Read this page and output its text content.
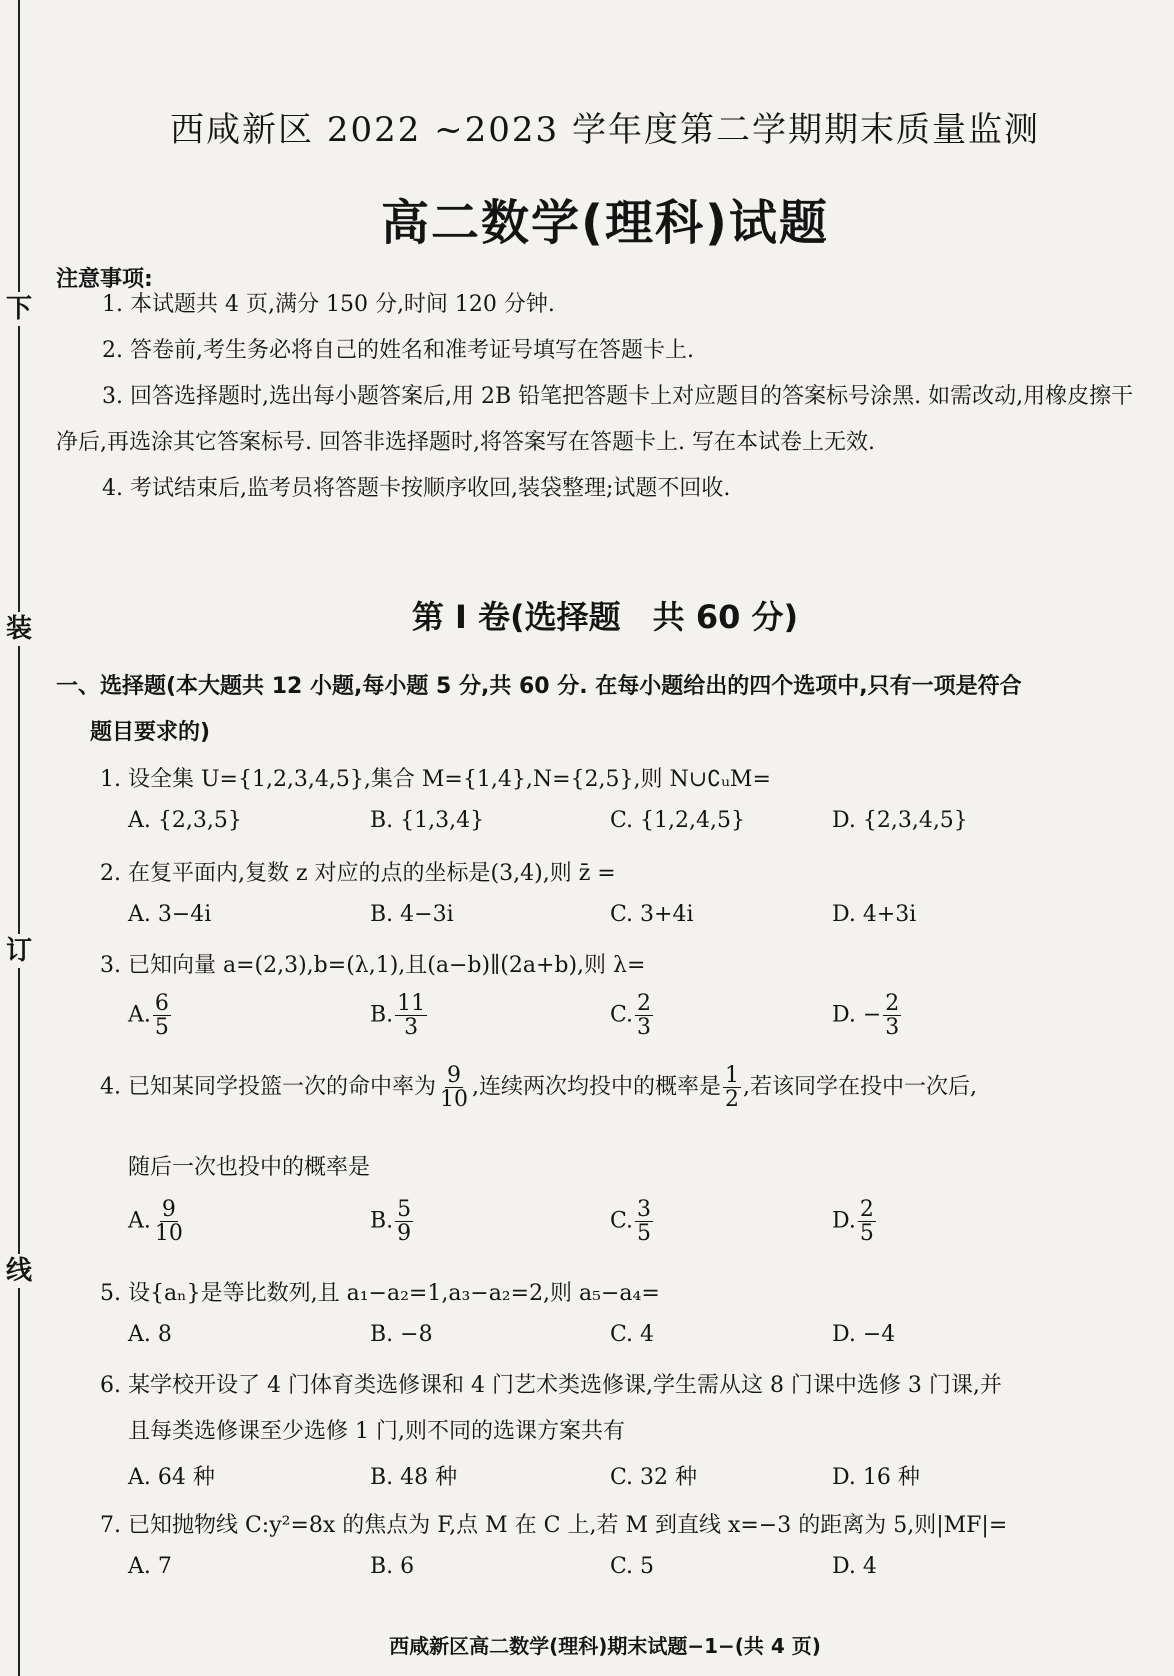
下
装
订
线
西咸新区 2022 ~2023 学年度第二学期期末质量监测
高二数学(理科)试题
注意事项:

1. 本试题共 4 页,满分 150 分,时间 120 分钟.

2. 答卷前,考生务必将自己的姓名和准考证号填写在答题卡上.

3. 回答选择题时,选出每小题答案后,用 2B 铅笔把答题卡上对应题目的答案标号涂黑. 如需改动,用橡皮擦干净后,再选涂其它答案标号. 回答非选择题时,将答案写在答题卡上. 写在本试卷上无效.

4. 考试结束后,监考员将答题卡按顺序收回,装袋整理;试题不回收.

第 I 卷(选择题　共 60 分)
一、选择题(本大题共 12 小题,每小题 5 分,共 60 分. 在每小题给出的四个选项中,只有一项是符合
题目要求的)
1. 设全集 U={1,2,3,4,5},集合 M={1,4},N={2,5},则 N∪∁ᵤM=
A. {2,3,5}	B. {1,3,4}	C. {1,2,4,5}	D. {2,3,4,5}
2. 在复平面内,复数 z 对应的点的坐标是(3,4),则 z̄ =
A. 3−4i	B. 4−3i	C. 3+4i	D. 4+3i
3. 已知向量 a=(2,3),b=(λ,1),且(a−b)∥(2a+b),则 λ=
A. $\frac{6}{5}$	B. $\frac{11}{3}$	C. $\frac{2}{3}$	D. − $\frac{2}{3}$
4. 已知某同学投篮一次的命中率为 $\frac{9}{10}$ ,连续两次均投中的概率是 $\frac{1}{2}$ ,若该同学在投中一次后,
随后一次也投中的概率是
A. $\frac{9}{10}$	B. $\frac{5}{9}$	C. $\frac{3}{5}$	D. $\frac{2}{5}$
5. 设{aₙ}是等比数列,且 a₁−a₂=1,a₃−a₂=2,则 a₅−a₄=
A. 8	B. −8	C. 4	D. −4
6. 某学校开设了 4 门体育类选修课和 4 门艺术类选修课,学生需从这 8 门课中选修 3 门课,并
且每类选修课至少选修 1 门,则不同的选课方案共有
A. 64 种	B. 48 种	C. 32 种	D. 16 种
7. 已知抛物线 C:y²=8x 的焦点为 F,点 M 在 C 上,若 M 到直线 x=−3 的距离为 5,则|MF|=
A. 7	B. 6	C. 5	D. 4
西咸新区高二数学(理科)期末试题−1−(共 4 页)
